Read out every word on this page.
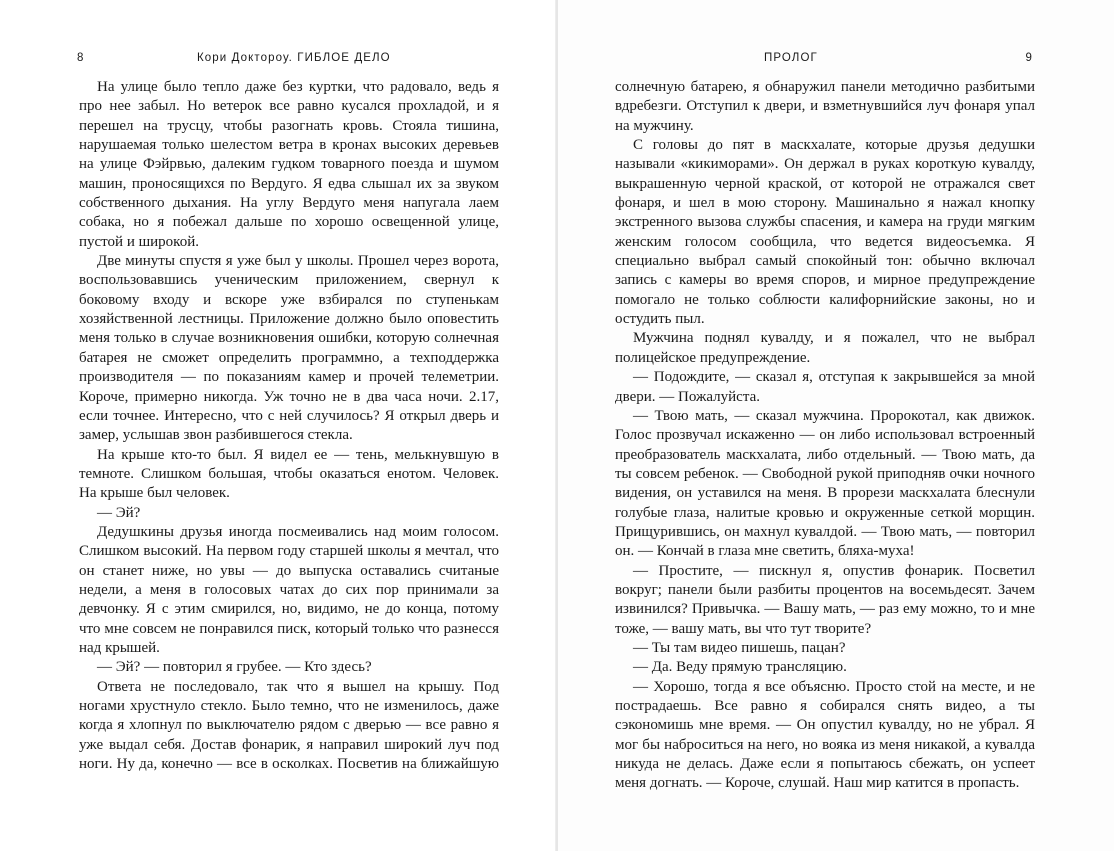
8	Кори Доктороу. ГИБЛОЕ ДЕЛО

На улице было тепло даже без куртки, что радовало, ведь я про нее забыл. Но ветерок все равно кусался прохладой, и я перешел на трусцу, чтобы разогнать кровь. Стояла тишина, нарушаемая только шелестом ветра в кронах высоких деревьев на улице Фэйрвью, далеким гудком товарного поезда и шумом машин, проносящихся по Вердуго. Я едва слышал их за звуком собственного дыхания. На углу Вердуго меня напугала лаем собака, но я побежал дальше по хорошо освещенной улице, пустой и широкой.

Две минуты спустя я уже был у школы. Прошел через ворота, воспользовавшись ученическим приложением, свернул к боковому входу и вскоре уже взбирался по ступенькам хозяйственной лестницы. Приложение должно было оповестить меня только в случае возникновения ошибки, которую солнечная батарея не сможет определить программно, а техподдержка производителя — по показаниям камер и прочей телеметрии. Короче, примерно никогда. Уж точно не в два часа ночи. 2.17, если точнее. Интересно, что с ней случилось? Я открыл дверь и замер, услышав звон разбившегося стекла.

На крыше кто-то был. Я видел ее — тень, мелькнувшую в темноте. Слишком большая, чтобы оказаться енотом. Человек. На крыше был человек.

— Эй?

Дедушкины друзья иногда посмеивались над моим голосом. Слишком высокий. На первом году старшей школы я мечтал, что он станет ниже, но увы — до выпуска оставались считаные недели, а меня в голосовых чатах до сих пор принимали за девчонку. Я с этим смирился, но, видимо, не до конца, потому что мне совсем не понравился писк, который только что разнесся над крышей.

— Эй? — повторил я грубее. — Кто здесь?

Ответа не последовало, так что я вышел на крышу. Под ногами хрустнуло стекло. Было темно, что не изменилось, даже когда я хлопнул по выключателю рядом с дверью — все равно я уже выдал себя. Достав фонарик, я направил широкий луч под ноги. Ну да, конечно — все в осколках. Посветив на ближайшую

ПРОЛОГ	9

солнечную батарею, я обнаружил панели методично разбитыми вдребезги. Отступил к двери, и взметнувшийся луч фонаря упал на мужчину.

С головы до пят в маскхалате, которые друзья дедушки называли «кикиморами». Он держал в руках короткую кувалду, выкрашенную черной краской, от которой не отражался свет фонаря, и шел в мою сторону. Машинально я нажал кнопку экстренного вызова службы спасения, и камера на груди мягким женским голосом сообщила, что ведется видеосъемка. Я специально выбрал самый спокойный тон: обычно включал запись с камеры во время споров, и мирное предупреждение помогало не только соблюсти калифорнийские законы, но и остудить пыл.

Мужчина поднял кувалду, и я пожалел, что не выбрал полицейское предупреждение.

— Подождите, — сказал я, отступая к закрывшейся за мной двери. — Пожалуйста.

— Твою мать, — сказал мужчина. Пророкотал, как движок. Голос прозвучал искаженно — он либо использовал встроенный преобразователь маскхалата, либо отдельный. — Твою мать, да ты совсем ребенок. — Свободной рукой приподняв очки ночного видения, он уставился на меня. В прорези маскхалата блеснули голубые глаза, налитые кровью и окруженные сеткой морщин. Прищурившись, он махнул кувалдой. — Твою мать, — повторил он. — Кончай в глаза мне светить, бляха-муха!

— Простите, — пискнул я, опустив фонарик. Посветил вокруг; панели были разбиты процентов на восемьдесят. Зачем извинился? Привычка. — Вашу мать, — раз ему можно, то и мне тоже, — вашу мать, вы что тут творите?

— Ты там видео пишешь, пацан?

— Да. Веду прямую трансляцию.

— Хорошо, тогда я все объясню. Просто стой на месте, и не пострадаешь. Все равно я собирался снять видео, а ты сэкономишь мне время. — Он опустил кувалду, но не убрал. Я мог бы наброситься на него, но вояка из меня никакой, а кувалда никуда не делась. Даже если я попытаюсь сбежать, он успеет меня догнать. — Короче, слушай. Наш мир катится в пропасть.
